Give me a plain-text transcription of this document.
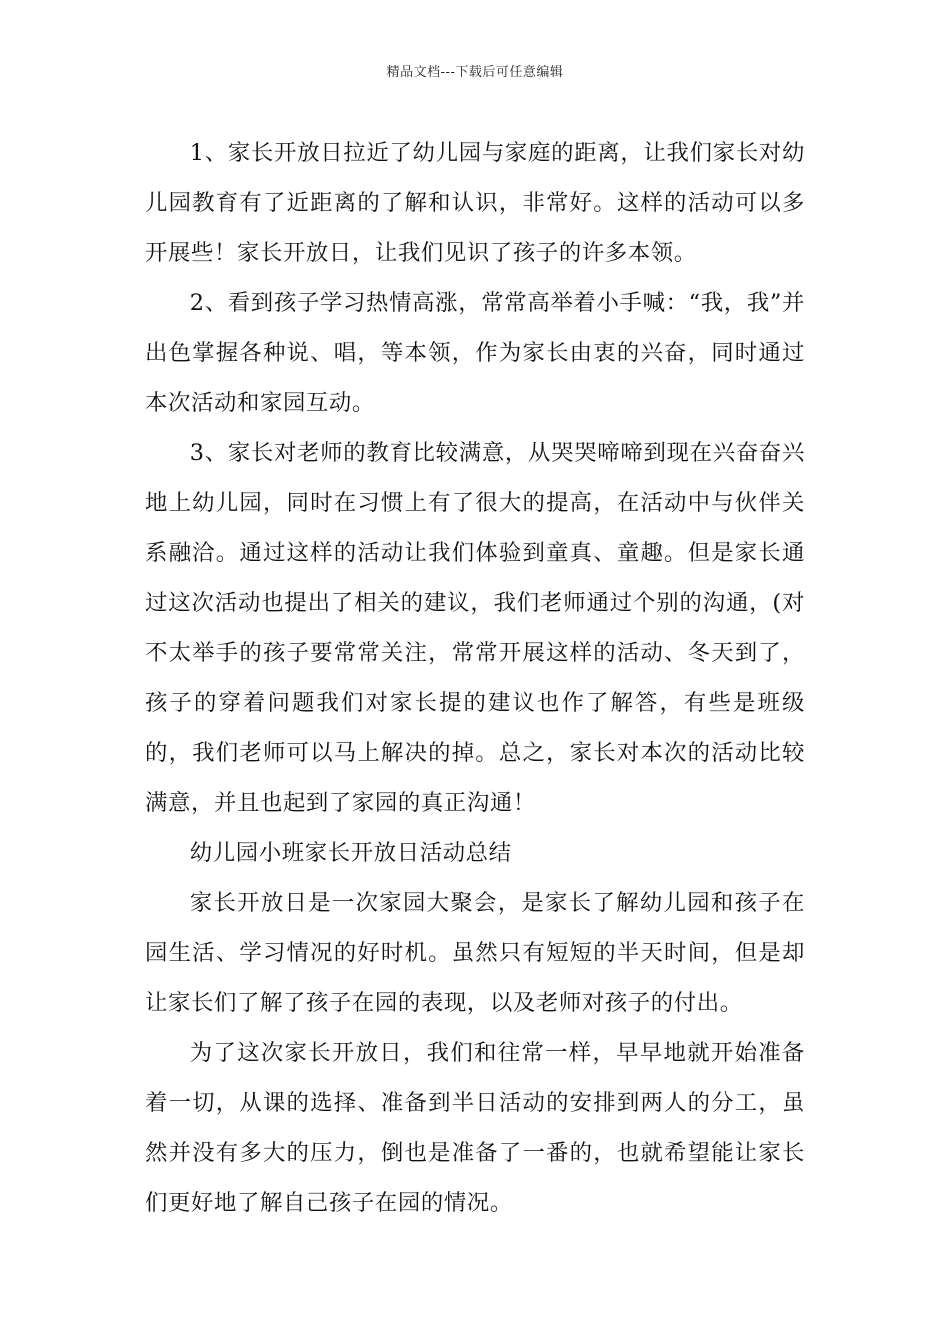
精品文档---下载后可任意编辑

1、家长开放日拉近了幼儿园与家庭的距离，让我们家长对幼儿园教育有了近距离的了解和认识，非常好。这样的活动可以多开展些！家长开放日，让我们见识了孩子的许多本领。

2、看到孩子学习热情高涨，常常高举着小手喊：“我，我”并出色掌握各种说、唱，等本领，作为家长由衷的兴奋，同时通过本次活动和家园互动。

3、家长对老师的教育比较满意，从哭哭啼啼到现在兴奋奋兴地上幼儿园，同时在习惯上有了很大的提高，在活动中与伙伴关系融洽。通过这样的活动让我们体验到童真、童趣。但是家长通过这次活动也提出了相关的建议，我们老师通过个别的沟通，(对不太举手的孩子要常常关注，常常开展这样的活动、冬天到了，孩子的穿着问题我们对家长提的建议也作了解答，有些是班级的，我们老师可以马上解决的掉。总之，家长对本次的活动比较满意，并且也起到了家园的真正沟通！

幼儿园小班家长开放日活动总结

家长开放日是一次家园大聚会，是家长了解幼儿园和孩子在园生活、学习情况的好时机。虽然只有短短的半天时间，但是却让家长们了解了孩子在园的表现，以及老师对孩子的付出。

为了这次家长开放日，我们和往常一样，早早地就开始准备着一切，从课的选择、准备到半日活动的安排到两人的分工，虽然并没有多大的压力，倒也是准备了一番的，也就希望能让家长们更好地了解自己孩子在园的情况。
